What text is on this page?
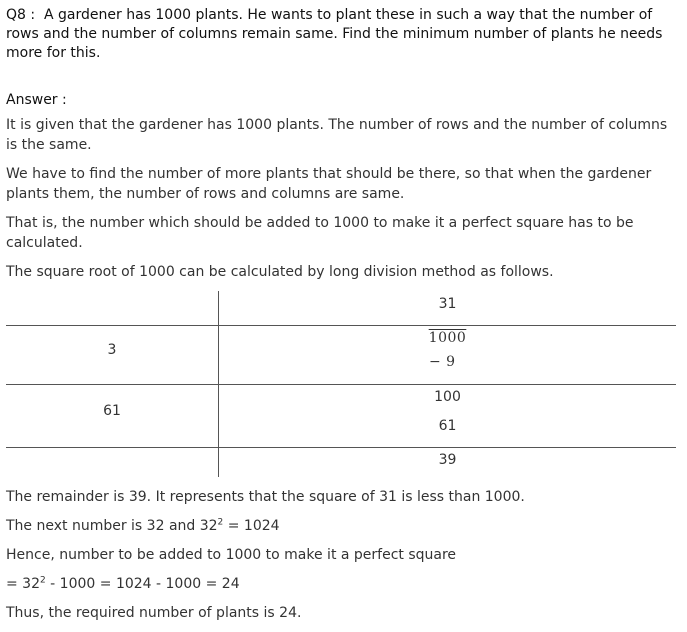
Q8 : A gardener has 1000 plants. He wants to plant these in such a way that the number of rows and the number of columns remain same. Find the minimum number of plants he needs more for this.

Answer :

It is given that the gardener has 1000 plants. The number of rows and the number of columns is the same.

We have to find the number of more plants that should be there, so that when the gardener plants them, the number of rows and columns are same.

That is, the number which should be added to 1000 to make it a perfect square has to be calculated.

The square root of 1000 can be calculated by long division method as follows.

31
3
1000
− 9
61
100
61
39

The remainder is 39. It represents that the square of 31 is less than 1000.

The next number is 32 and $32^2 = 1024$

Hence, number to be added to 1000 to make it a perfect square

= $32^2 - 1000 = 1024 - 1000 = 24$

Thus, the required number of plants is 24.
